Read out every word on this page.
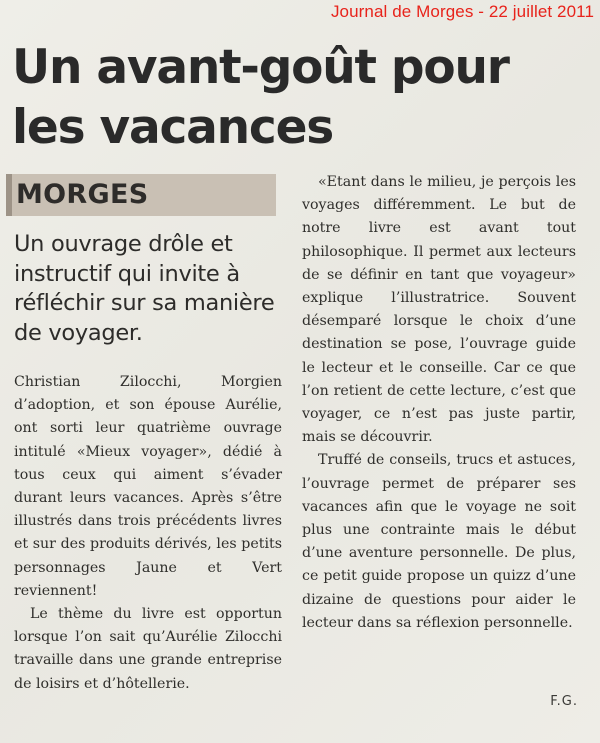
Journal de Morges - 22 juillet 2011
Un avant-goût pour les vacances
MORGES
Un ouvrage drôle et instructif qui invite à réfléchir sur sa manière de voyager.

Christian Zilocchi, Morgien d’adoption, et son épouse Aurélie, ont sorti leur quatrième ouvrage intitulé «Mieux voyager», dédié à tous ceux qui aiment s’évader durant leurs vacances. Après s’être illustrés dans trois précédents livres et sur des produits dérivés, les petits personnages Jaune et Vert reviennent!

Le thème du livre est opportun lorsque l’on sait qu’Aurélie Zilocchi travaille dans une grande entreprise de loisirs et d’hôtellerie.

«Etant dans le milieu, je perçois les voyages différemment. Le but de notre livre est avant tout philosophique. Il permet aux lecteurs de se définir en tant que voyageur» explique l’illustratrice. Souvent désemparé lorsque le choix d’une destination se pose, l’ouvrage guide le lecteur et le conseille. Car ce que l’on retient de cette lecture, c’est que voyager, ce n’est pas juste partir, mais se découvrir.

Truffé de conseils, trucs et astuces, l’ouvrage permet de préparer ses vacances afin que le voyage ne soit plus une contrainte mais le début d’une aventure personnelle. De plus, ce petit guide propose un quizz d’une dizaine de questions pour aider le lecteur dans sa réflexion personnelle.

F.G.
